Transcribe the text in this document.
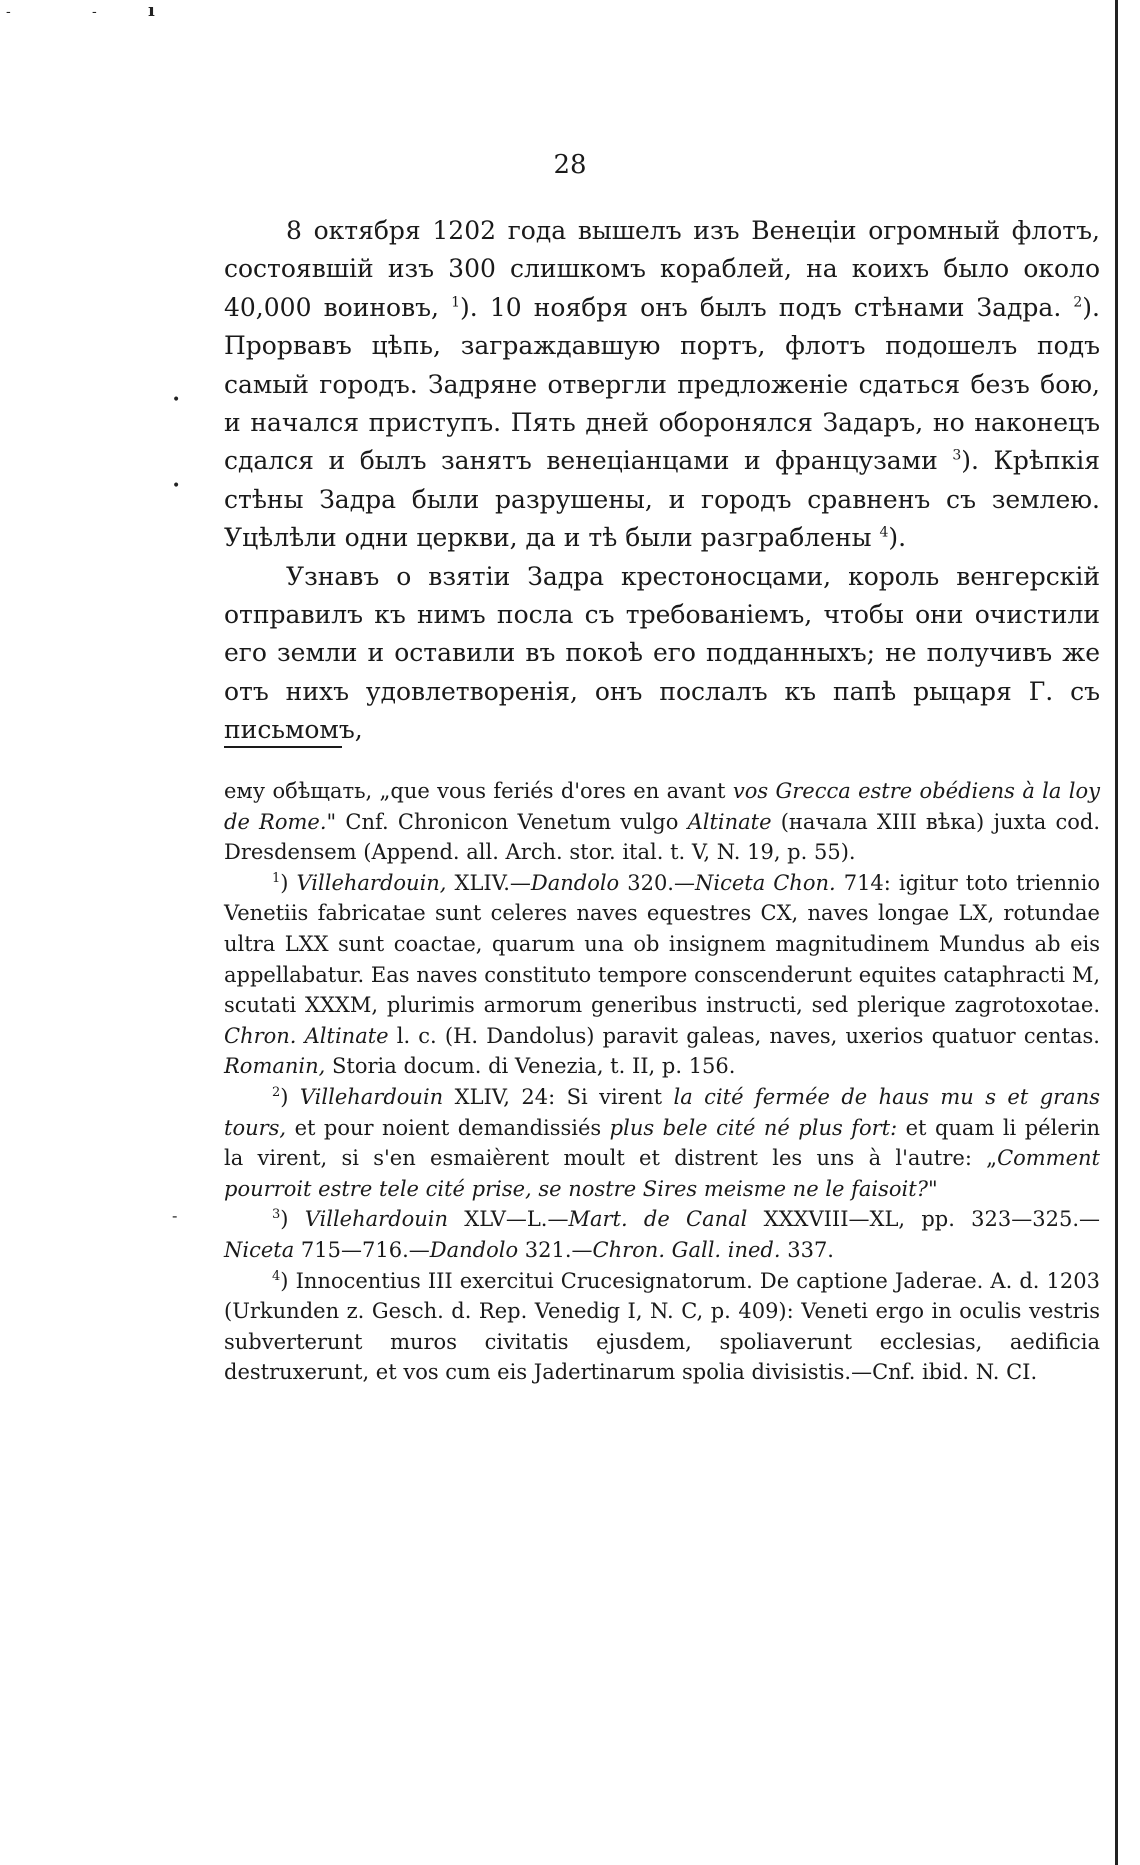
-	-	ı
•
•
-
28

8 октября 1202 года вышелъ изъ Венеціи огромный флотъ, состоявшій изъ 300 слишкомъ кораблей, на коихъ было около 40,000 воиновъ, $^1$). 10 ноября онъ былъ подъ стѣнами Задра. $^2$). Прорвавъ цѣпь, заграждавшую портъ, флотъ подошелъ подъ самый городъ. Задряне отвергли предложеніе сдаться безъ бою, и начался приступъ. Пять дней оборонялся Задаръ, но наконецъ сдался и былъ занятъ венеціанцами и французами $^3$). Крѣпкія стѣны Задра были разрушены, и городъ сравненъ съ землею. Уцѣлѣли одни церкви, да и тѣ были разграблены $^4$).

Узнавъ о взятіи Задра крестоносцами, король венгерскій отправилъ къ нимъ посла съ требованіемъ, чтобы они очистили его земли и оставили въ покоѣ его подданныхъ; не получивъ же отъ нихъ удовлетворенія, онъ послалъ къ папѣ рыцаря Г. съ письмомъ,

ему обѣщать, „que vous feriés d'ores en avant vos Grecca estre obédiens à la loy de Rome." Cnf. Chronicon Venetum vulgo Altinate (начала XIII вѣка) juxta cod. Dresdensem (Append. all. Arch. stor. ital. t. V, N. 19, p. 55).

$^1$) Villehardouin, XLIV.—Dandolo 320.—Niceta Chon. 714: igitur toto triennio Venetiis fabricatae sunt celeres naves equestres CX, naves longae LX, rotundae ultra LXX sunt coactae, quarum una ob insignem magnitudinem Mundus ab eis appellabatur. Eas naves constituto tempore conscenderunt equites cataphracti M, scutati XXXM, plurimis armorum generibus instructi, sed plerique zagrotoxotae. Chron. Altinate l. c. (H. Dandolus) paravit galeas, naves, uxerios quatuor centas. Romanin, Storia docum. di Venezia, t. II, p. 156.

$^2$) Villehardouin XLIV, 24: Si virent la cité fermée de haus mu s et grans tours, et pour noient demandissiés plus bele cité né plus fort: et quam li pélerin la virent, si s'en esmaièrent moult et distrent les uns à l'autre: „Comment pourroit estre tele cité prise, se nostre Sires meisme ne le faisoit?"

$^3$) Villehardouin XLV—L.—Mart. de Canal XXXVIII—XL, pp. 323—325.—Niceta 715—716.—Dandolo 321.—Chron. Gall. ined. 337.

$^4$) Innocentius III exercitui Crucesignatorum. De captione Jaderae. A. d. 1203 (Urkunden z. Gesch. d. Rep. Venedig I, N. C, p. 409): Veneti ergo in oculis vestris subverterunt muros civitatis ejusdem, spoliaverunt ecclesias, aedificia destruxerunt, et vos cum eis Jadertinarum spolia divisistis.—Cnf. ibid. N. CI.
